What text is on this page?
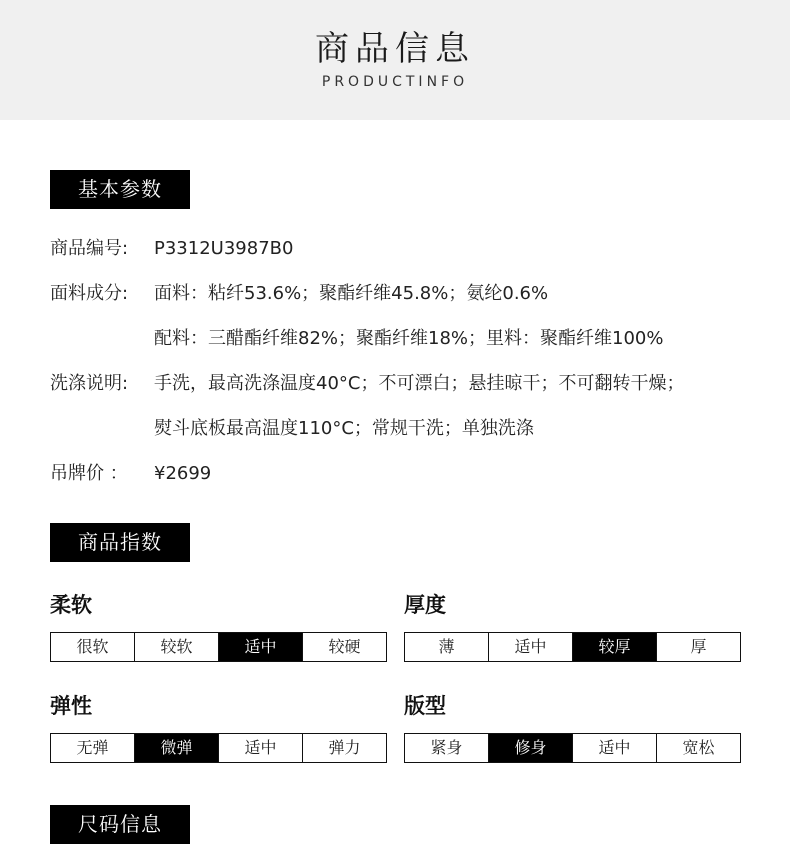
商品信息
PRODUCTINFO
基本参数
商品编号: P3312U3987B0
面料成分: 面料：粘纤53.6%；聚酯纤维45.8%；氨纶0.6%
配料：三醋酯纤维82%；聚酯纤维18%；里料：聚酯纤维100%
洗涤说明: 手洗，最高洗涤温度40°C；不可漂白；悬挂晾干；不可翻转干燥；
熨斗底板最高温度110°C；常规干洗；单独洗涤
吊牌价 ： ¥2699
商品指数
柔软
很软	较软	适中	较硬
厚度
薄	适中	较厚	厚
弹性
无弹	微弹	适中	弹力
版型
紧身	修身	适中	宽松
尺码信息
